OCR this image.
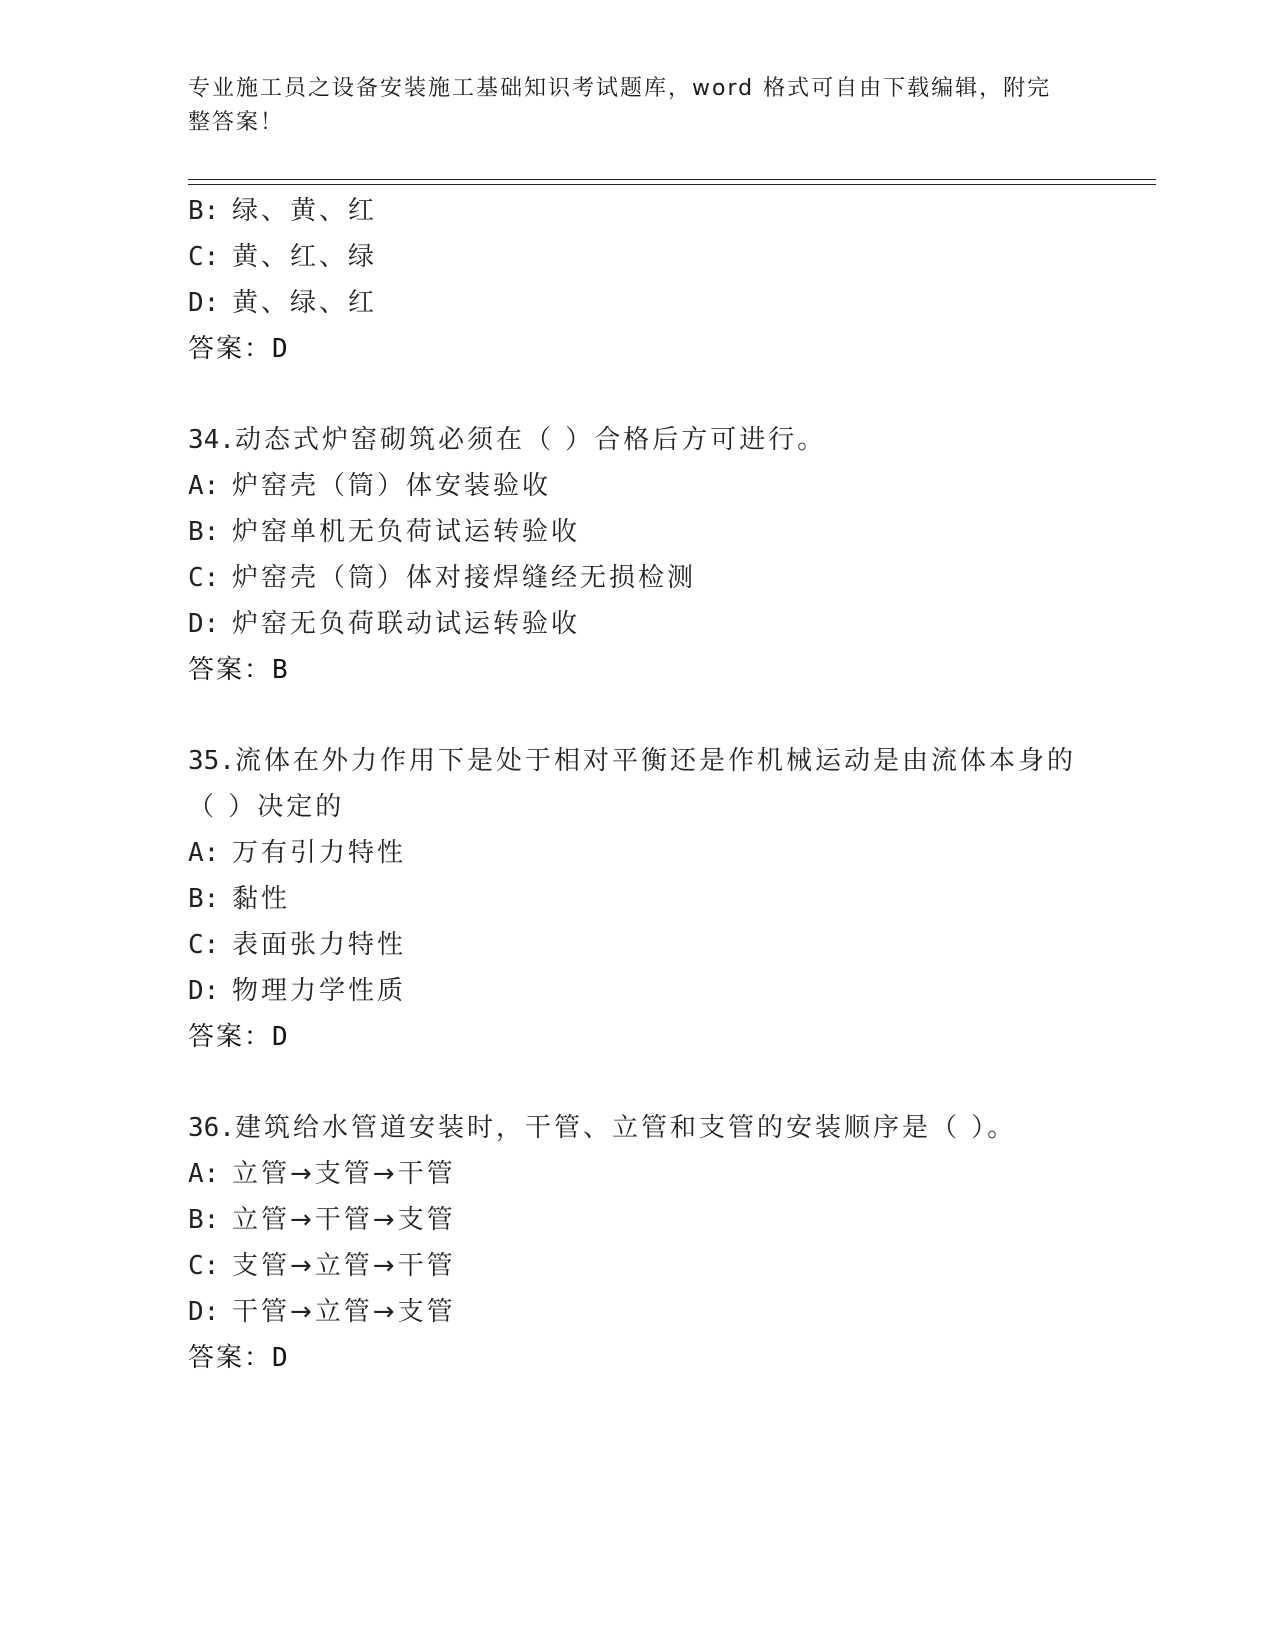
专业施工员之设备安装施工基础知识考试题库，word 格式可自由下载编辑，附完整答案！
B: 绿、黄、红
C: 黄、红、绿
D: 黄、绿、红
答案：D
34.动态式炉窑砌筑必须在（ ）合格后方可进行。
A: 炉窑壳（筒）体安装验收
B: 炉窑单机无负荷试运转验收
C: 炉窑壳（筒）体对接焊缝经无损检测
D: 炉窑无负荷联动试运转验收
答案：B
35.流体在外力作用下是处于相对平衡还是作机械运动是由流体本身的（ ）决定的
A: 万有引力特性
B: 黏性
C: 表面张力特性
D: 物理力学性质
答案：D
36.建筑给水管道安装时，干管、立管和支管的安装顺序是（ ）。
A: 立管→支管→干管
B: 立管→干管→支管
C: 支管→立管→干管
D: 干管→立管→支管
答案：D
